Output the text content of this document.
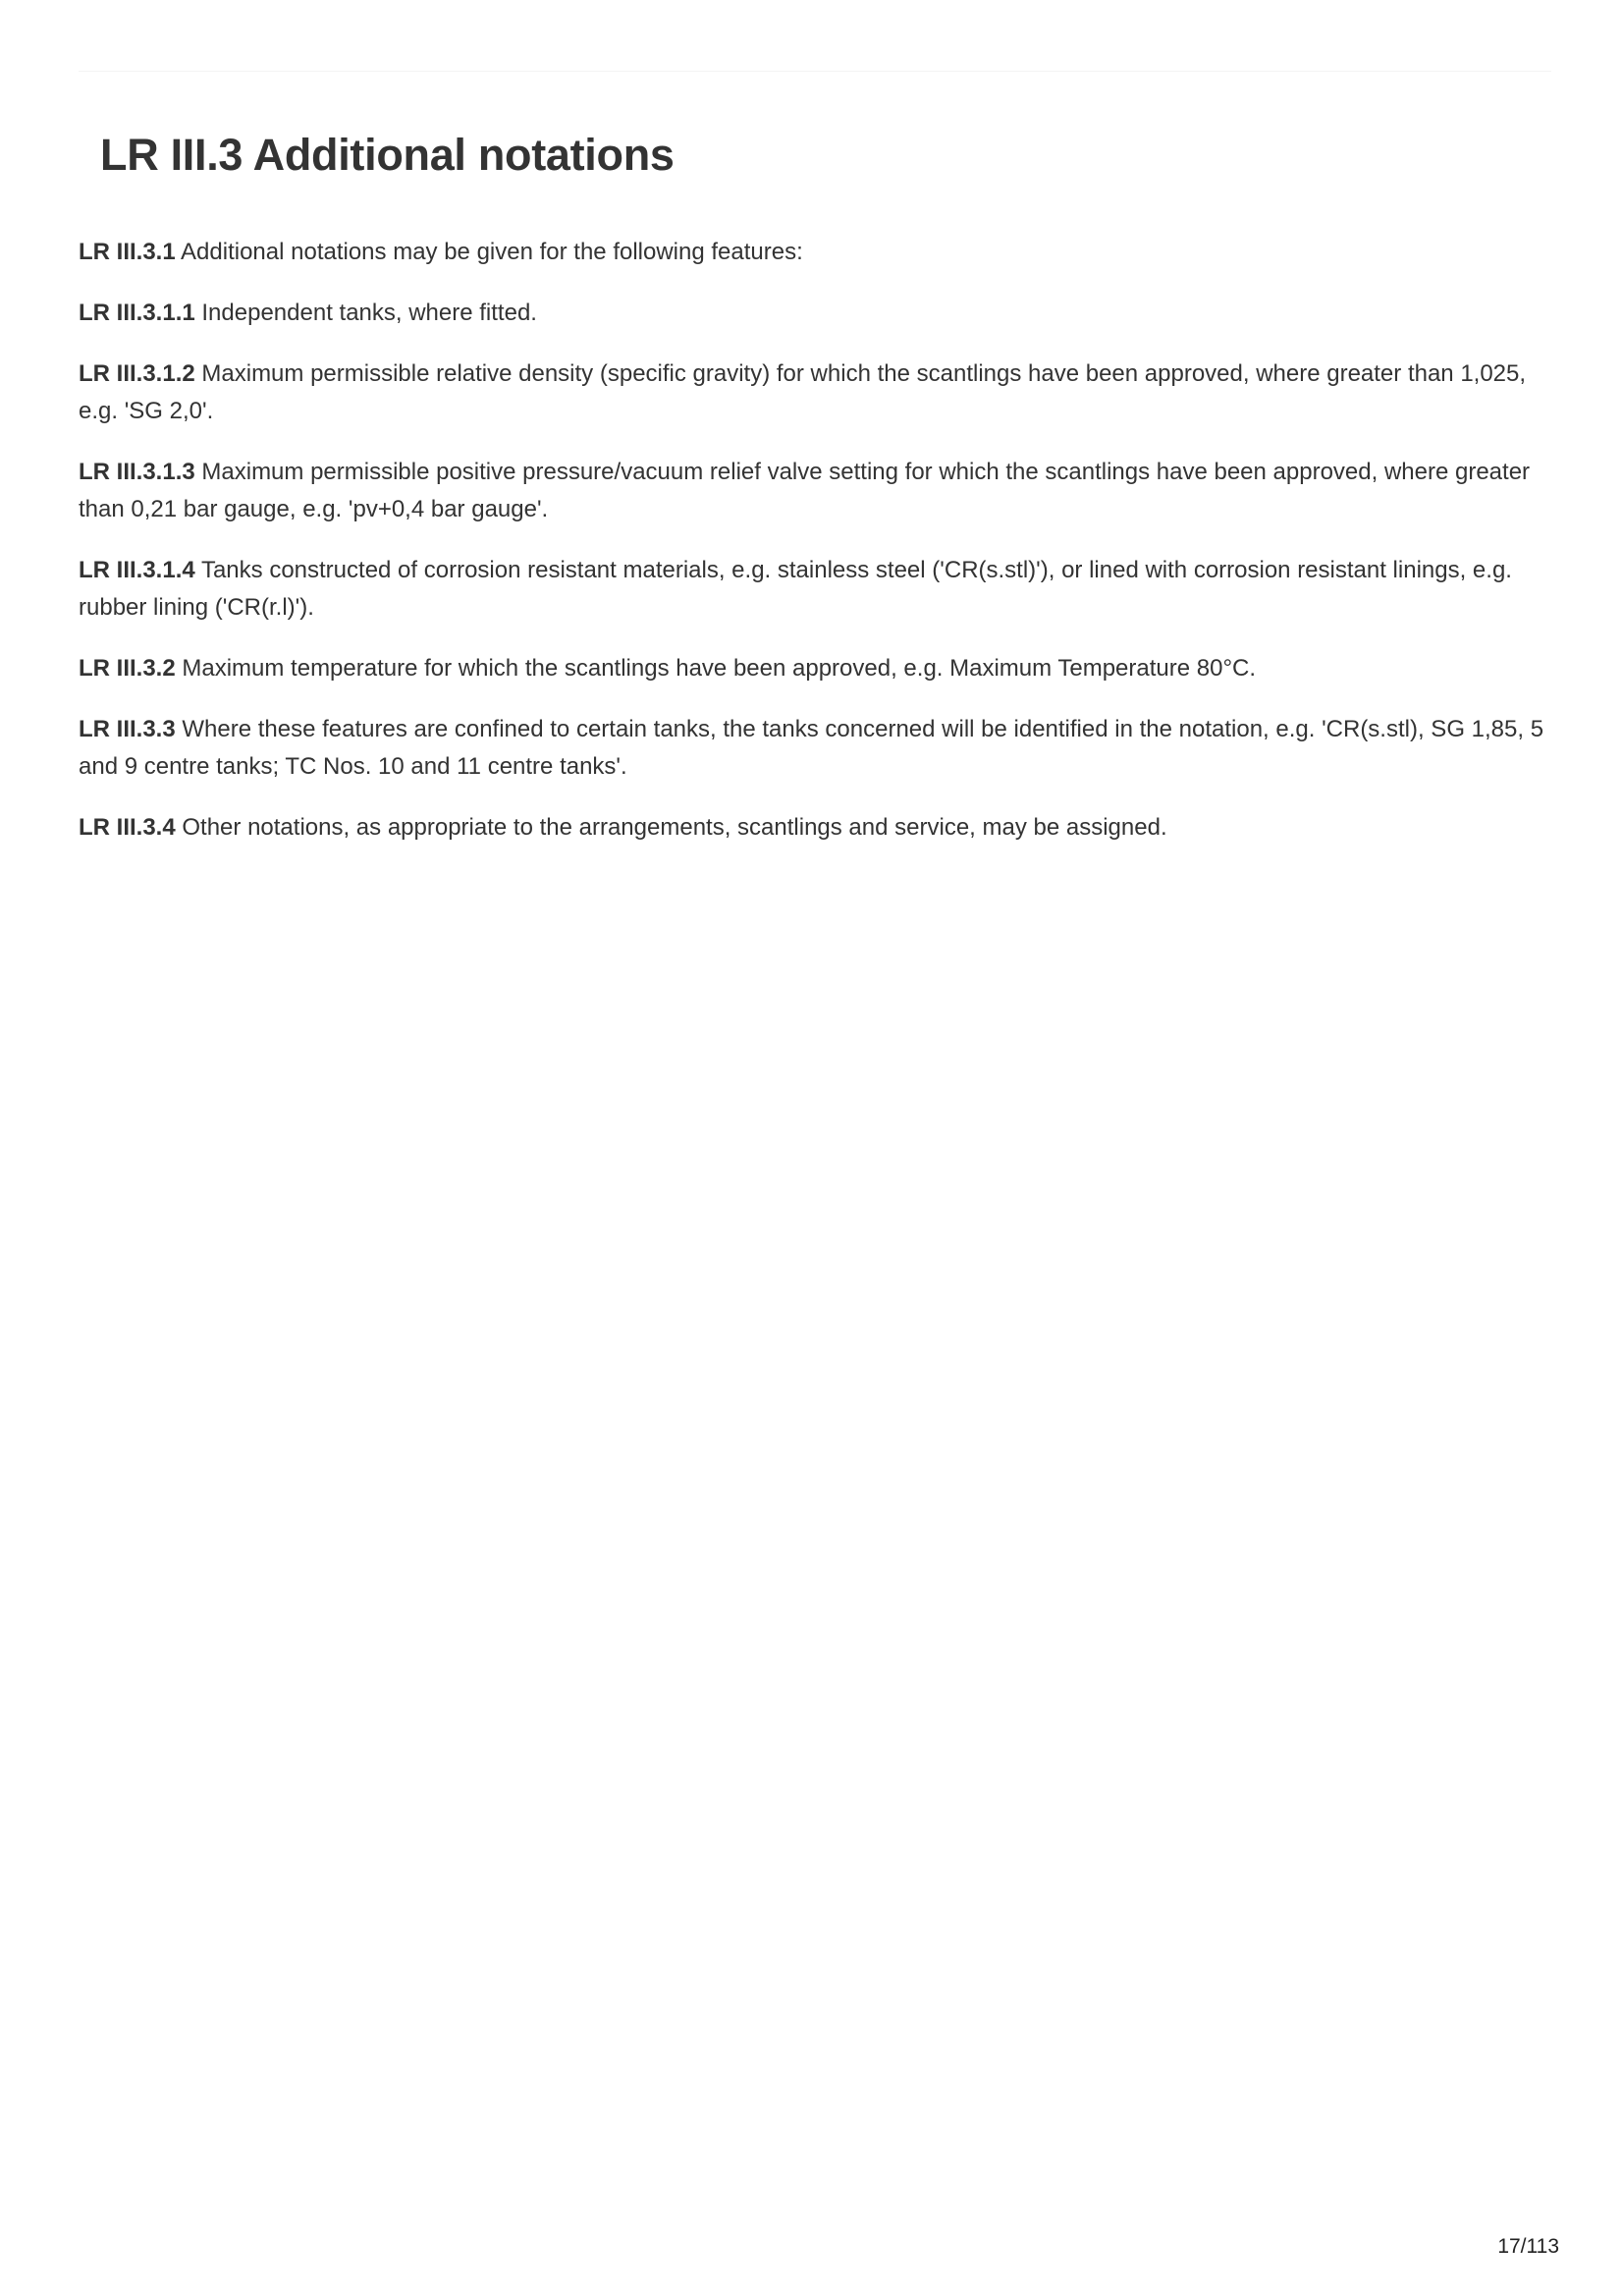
LR III.3 Additional notations

LR III.3.1 Additional notations may be given for the following features:

LR III.3.1.1 Independent tanks, where fitted.

LR III.3.1.2 Maximum permissible relative density (specific gravity) for which the scantlings have been approved, where greater than 1,025, e.g. 'SG 2,0'.

LR III.3.1.3 Maximum permissible positive pressure/vacuum relief valve setting for which the scantlings have been approved, where greater than 0,21 bar gauge, e.g. 'pv+0,4 bar gauge'.

LR III.3.1.4 Tanks constructed of corrosion resistant materials, e.g. stainless steel ('CR(s.stl)'), or lined with corrosion resistant linings, e.g. rubber lining ('CR(r.l)').

LR III.3.2 Maximum temperature for which the scantlings have been approved, e.g. Maximum Temperature 80°C.

LR III.3.3 Where these features are confined to certain tanks, the tanks concerned will be identified in the notation, e.g. 'CR(s.stl), SG 1,85, 5 and 9 centre tanks; TC Nos. 10 and 11 centre tanks'.

LR III.3.4 Other notations, as appropriate to the arrangements, scantlings and service, may be assigned.

17/113
